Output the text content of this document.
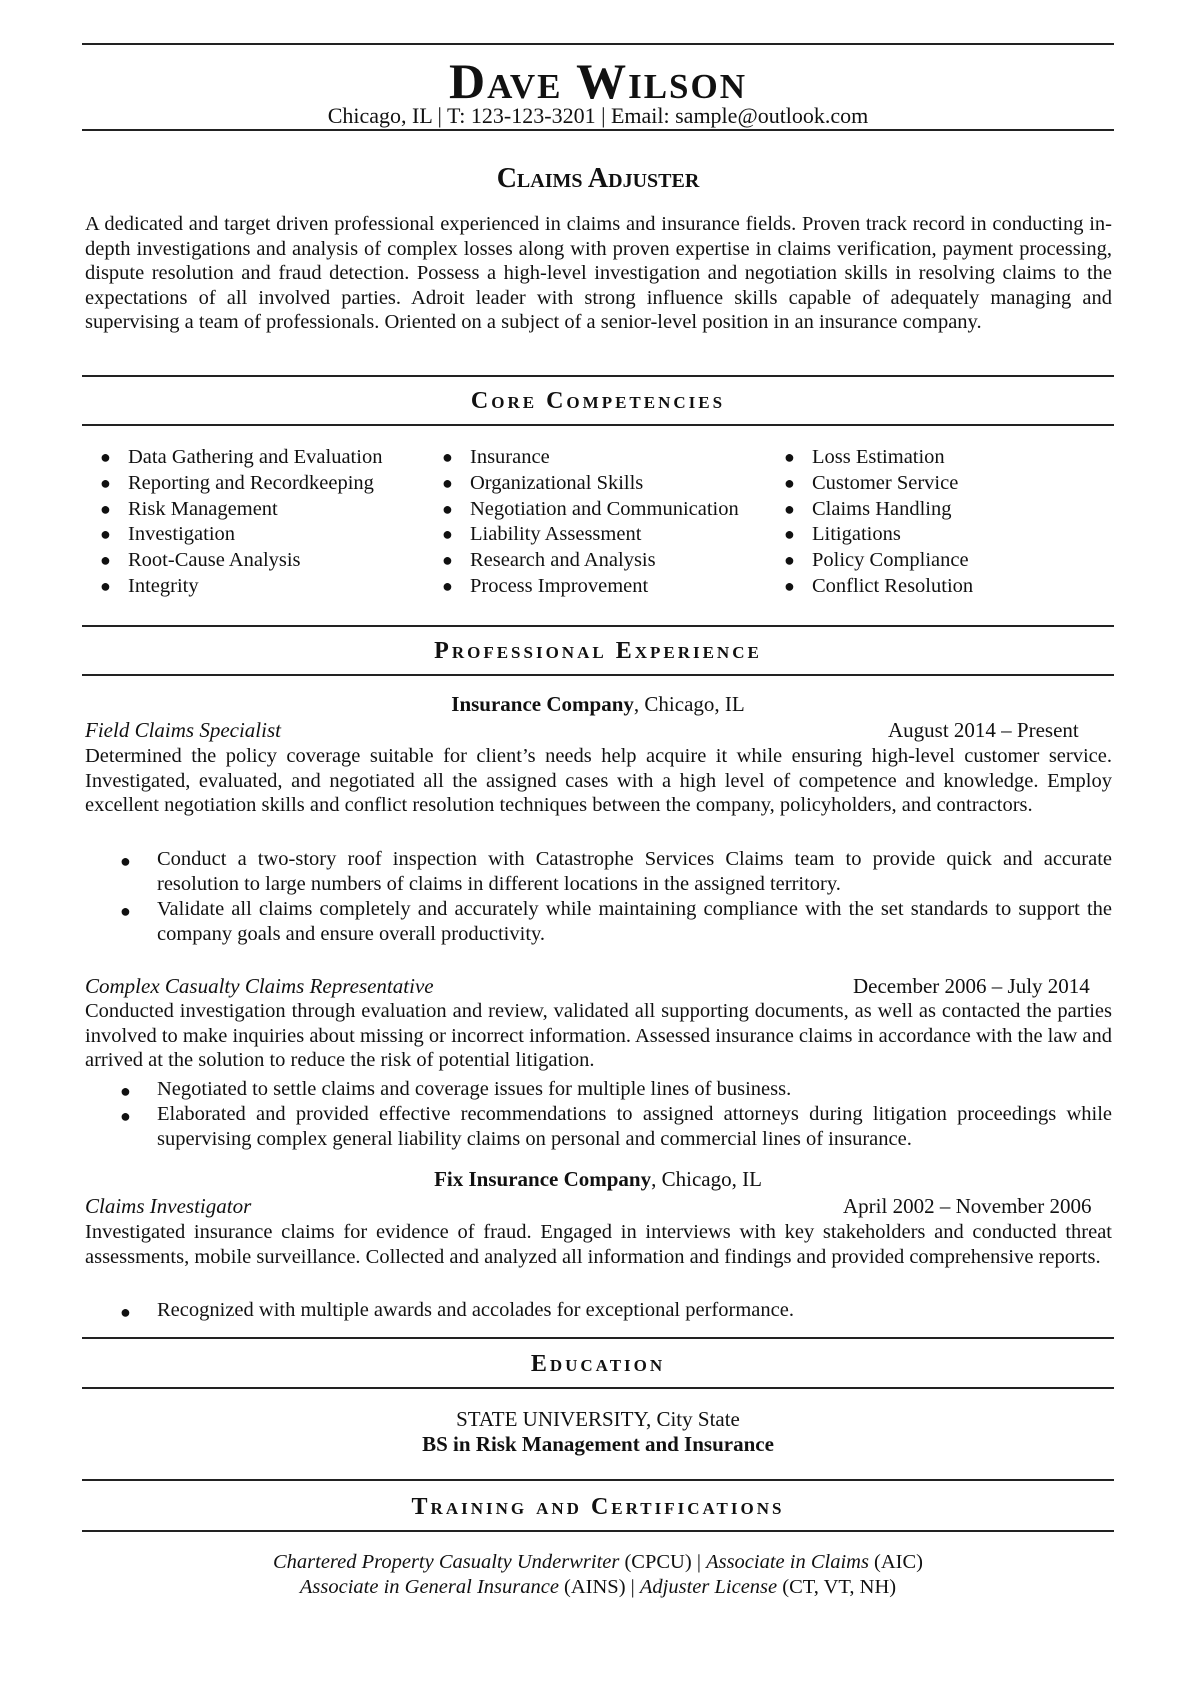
Dave Wilson
Chicago, IL | T: 123-123-3201 | Email: sample@outlook.com
Claims Adjuster

A dedicated and target driven professional experienced in claims and insurance fields. Proven track record in conducting in-depth investigations and analysis of complex losses along with proven expertise in claims verification, payment processing, dispute resolution and fraud detection. Possess a high-level investigation and negotiation skills in resolving claims to the expectations of all involved parties. Adroit leader with strong influence skills capable of adequately managing and supervising a team of professionals. Oriented on a subject of a senior-level position in an insurance company.

Core Competencies
● Data Gathering and Evaluation
● Reporting and Recordkeeping
● Risk Management
● Investigation
● Root-Cause Analysis
● Integrity
● Insurance
● Organizational Skills
● Negotiation and Communication
● Liability Assessment
● Research and Analysis
● Process Improvement
● Loss Estimation
● Customer Service
● Claims Handling
● Litigations
● Policy Compliance
● Conflict Resolution
Professional Experience
Insurance Company, Chicago, IL
Field Claims Specialist	August 2014 – Present

Determined the policy coverage suitable for client’s needs help acquire it while ensuring high-level customer service. Investigated, evaluated, and negotiated all the assigned cases with a high level of competence and knowledge. Employ excellent negotiation skills and conflict resolution techniques between the company, policyholders, and contractors.

● Conduct a two-story roof inspection with Catastrophe Services Claims team to provide quick and accurate resolution to large numbers of claims in different locations in the assigned territory.

● Validate all claims completely and accurately while maintaining compliance with the set standards to support the company goals and ensure overall productivity.

Complex Casualty Claims Representative	December 2006 – July 2014

Conducted investigation through evaluation and review, validated all supporting documents, as well as contacted the parties involved to make inquiries about missing or incorrect information. Assessed insurance claims in accordance with the law and arrived at the solution to reduce the risk of potential litigation.

● Negotiated to settle claims and coverage issues for multiple lines of business.

● Elaborated and provided effective recommendations to assigned attorneys during litigation proceedings while supervising complex general liability claims on personal and commercial lines of insurance.

Fix Insurance Company, Chicago, IL
Claims Investigator	April 2002 – November 2006

Investigated insurance claims for evidence of fraud. Engaged in interviews with key stakeholders and conducted threat assessments, mobile surveillance. Collected and analyzed all information and findings and provided comprehensive reports.

● Recognized with multiple awards and accolades for exceptional performance.

Education
STATE UNIVERSITY, City State
BS in Risk Management and Insurance
Training and Certifications
Chartered Property Casualty Underwriter (CPCU) | Associate in Claims (AIC)
Associate in General Insurance (AINS) | Adjuster License (CT, VT, NH)
